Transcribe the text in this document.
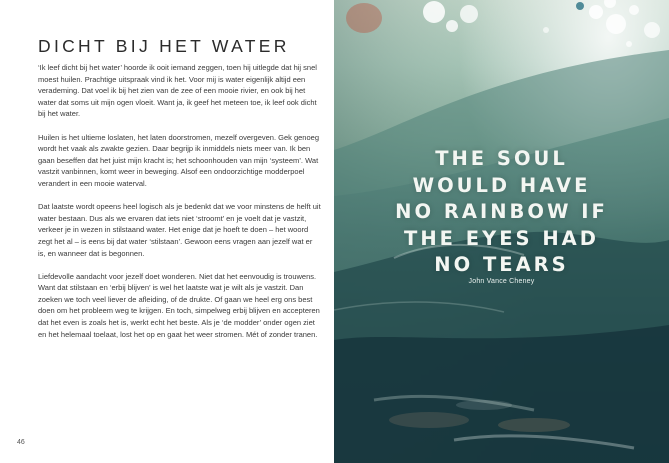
DICHT BIJ HET WATER

‘Ik leef dicht bij het water’ hoorde ik ooit iemand zeggen, toen hij uitlegde dat hij snel moest huilen. Prachtige uitspraak vind ik het. Voor mij is water eigenlijk altijd een verademing. Dat voel ik bij het zien van de zee of een mooie rivier, en ook bij het water dat soms uit mijn ogen vloeit. Want ja, ik geef het meteen toe, ik leef ook dicht bij het water.

Huilen is het ultieme loslaten, het laten doorstromen, mezelf overgeven. Gek genoeg wordt het vaak als zwakte gezien. Daar begrijp ik inmiddels niets meer van. Ik ben gaan beseffen dat het juist mijn kracht is; het schoonhouden van mijn ‘systeem’. Wat vastzit vanbinnen, komt weer in beweging. Alsof een ondoorzichtige modderpoel verandert in een mooie waterval.

Dat laatste wordt opeens heel logisch als je bedenkt dat we voor minstens de helft uit water bestaan. Dus als we ervaren dat iets niet ‘stroomt’ en je voelt dat je vastzit, verkeer je in wezen in stilstaand water. Het enige dat je hoeft te doen – het woord zegt het al – is eens bij dat water ‘stilstaan’. Gewoon eens vragen aan jezelf wat er is, en wanneer dat is begonnen.

Liefdevolle aandacht voor jezelf doet wonderen. Niet dat het eenvoudig is trouwens. Want dat stilstaan en ‘erbij blijven’ is wel het laatste wat je wilt als je vastzit. Dan zoeken we toch veel liever de afleiding, of de drukte. Of gaan we heel erg ons best doen om het probleem weg te krijgen. En toch, simpelweg erbij blijven en accepteren dat het even is zoals het is, werkt echt het beste. Als je ‘de modder’ onder ogen ziet en het helemaal toelaat, lost het op en gaat het weer stromen. Mét of zonder tranen.

46
THE SOUL
WOULD HAVE
NO RAINBOW IF
THE EYES HAD
NO TEARS
John Vance Cheney
